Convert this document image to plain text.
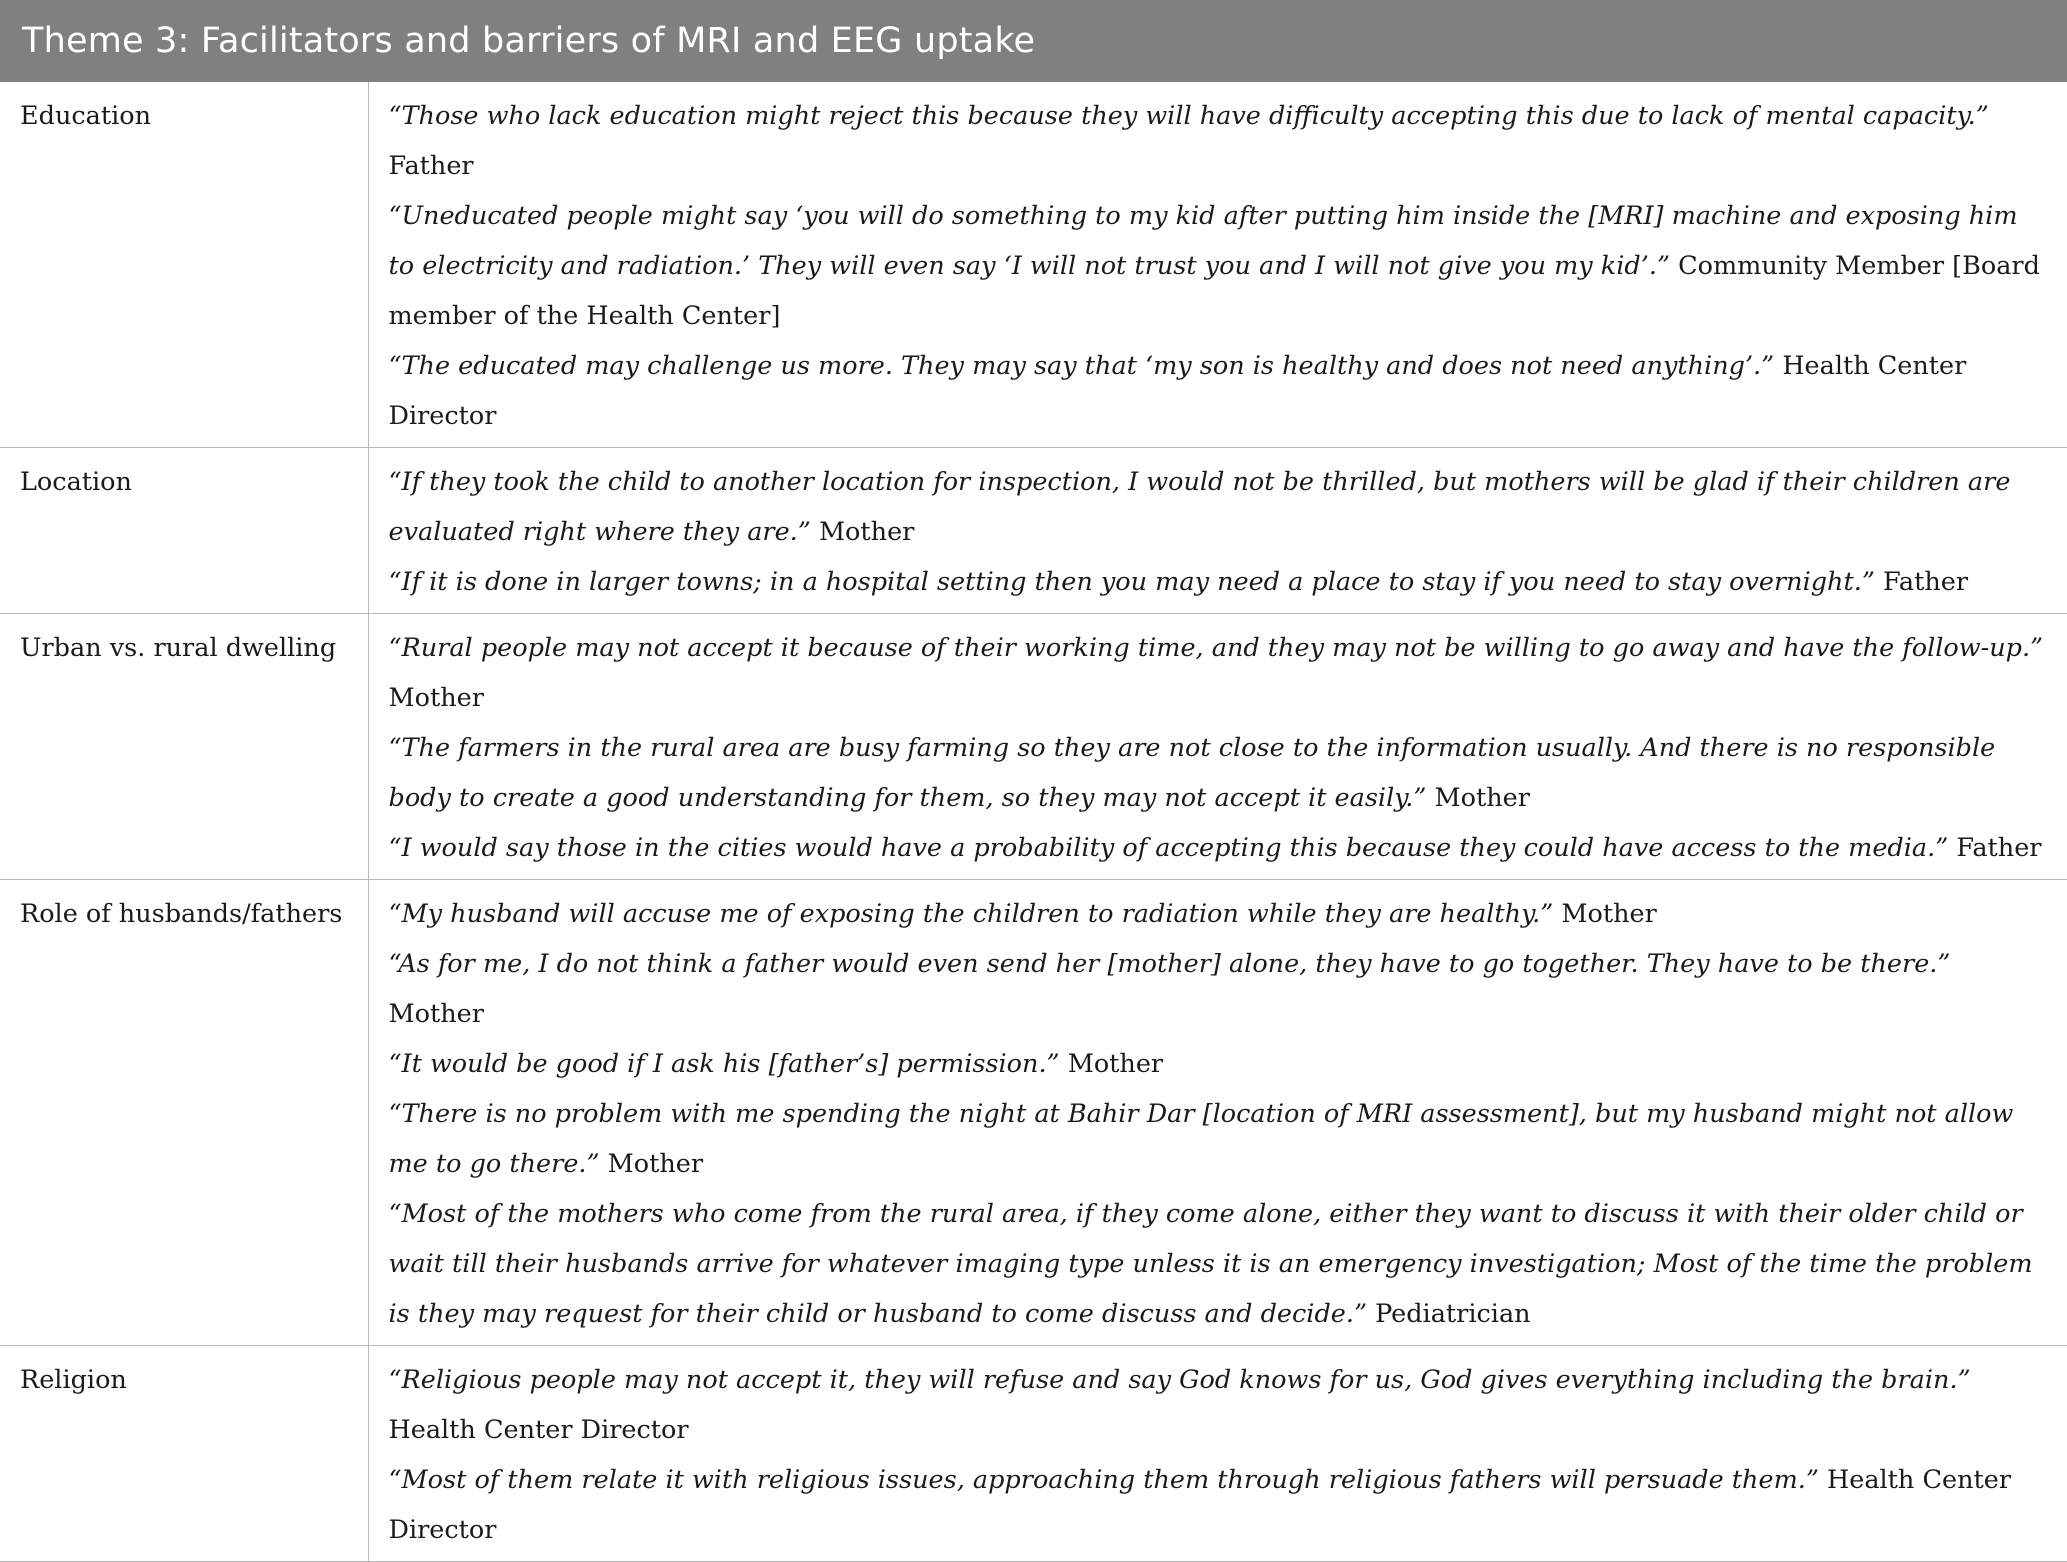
Theme 3: Facilitators and barriers of MRI and EEG uptake
Education	“Those who lack education might reject this because they will have difficulty accepting this due to lack of mental capacity.” Father
“Uneducated people might say ‘you will do something to my kid after putting him inside the [MRI] machine and exposing him to electricity and radiation.’ They will even say ‘I will not trust you and I will not give you my kid’.” Community Member [Board member of the Health Center]
“The educated may challenge us more. They may say that ‘my son is healthy and does not need anything’.” Health Center Director

Location	“If they took the child to another location for inspection, I would not be thrilled, but mothers will be glad if their children are evaluated right where they are.” Mother
“If it is done in larger towns; in a hospital setting then you may need a place to stay if you need to stay overnight.” Father

Urban vs. rural dwelling	“Rural people may not accept it because of their working time, and they may not be willing to go away and have the follow-up.” Mother
“The farmers in the rural area are busy farming so they are not close to the information usually. And there is no responsible body to create a good understanding for them, so they may not accept it easily.” Mother
“I would say those in the cities would have a probability of accepting this because they could have access to the media.” Father

Role of husbands/fathers	“My husband will accuse me of exposing the children to radiation while they are healthy.” Mother
“As for me, I do not think a father would even send her [mother] alone, they have to go together. They have to be there.” Mother
“It would be good if I ask his [father’s] permission.” Mother
“There is no problem with me spending the night at Bahir Dar [location of MRI assessment], but my husband might not allow me to go there.” Mother
“Most of the mothers who come from the rural area, if they come alone, either they want to discuss it with their older child or wait till their husbands arrive for whatever imaging type unless it is an emergency investigation; Most of the time the problem is they may request for their child or husband to come discuss and decide.” Pediatrician

Religion	“Religious people may not accept it, they will refuse and say God knows for us, God gives everything including the brain.” Health Center Director
“Most of them relate it with religious issues, approaching them through religious fathers will persuade them.” Health Center Director
